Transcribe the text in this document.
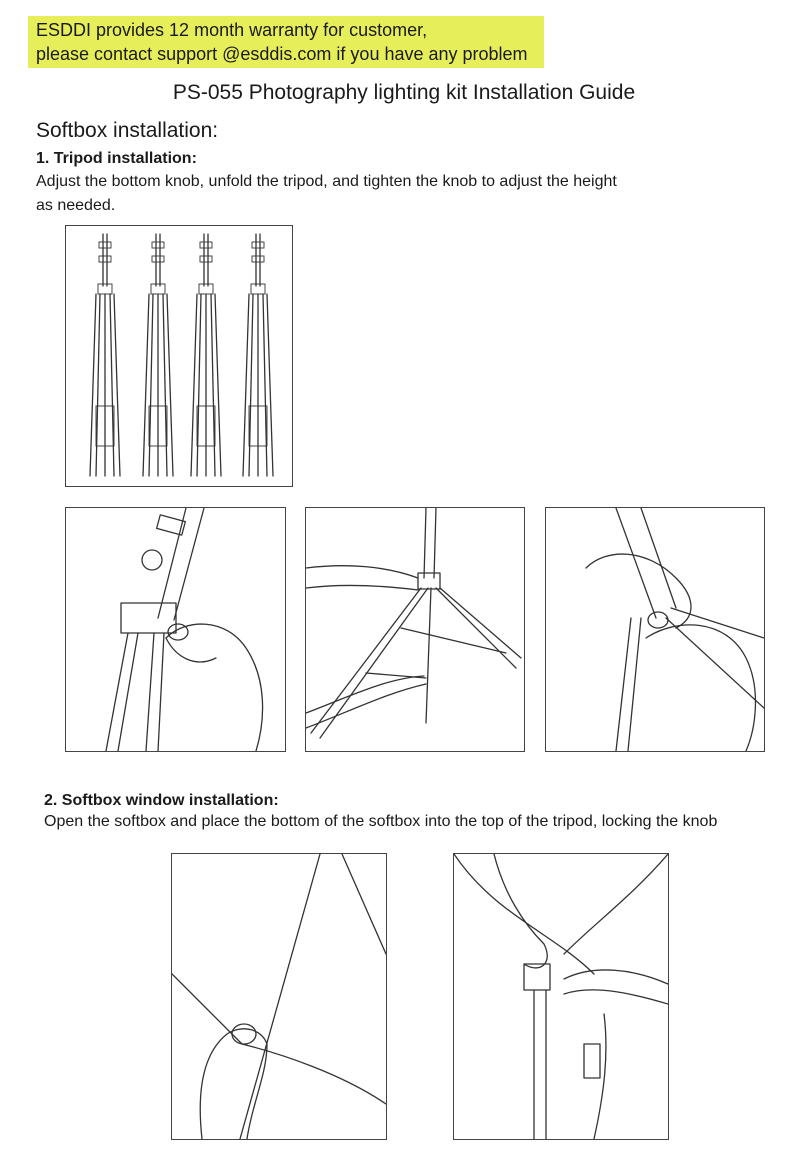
ESDDI provides 12 month warranty for customer,
please contact support @esddis.com if you have any problem
PS-055 Photography lighting kit Installation Guide
Softbox installation:
1. Tripod installation:
Adjust the bottom knob, unfold the tripod, and tighten the knob to adjust the height
as needed.
2. Softbox window installation:
Open the softbox and place the bottom of the softbox into the top of the tripod, locking the knob
